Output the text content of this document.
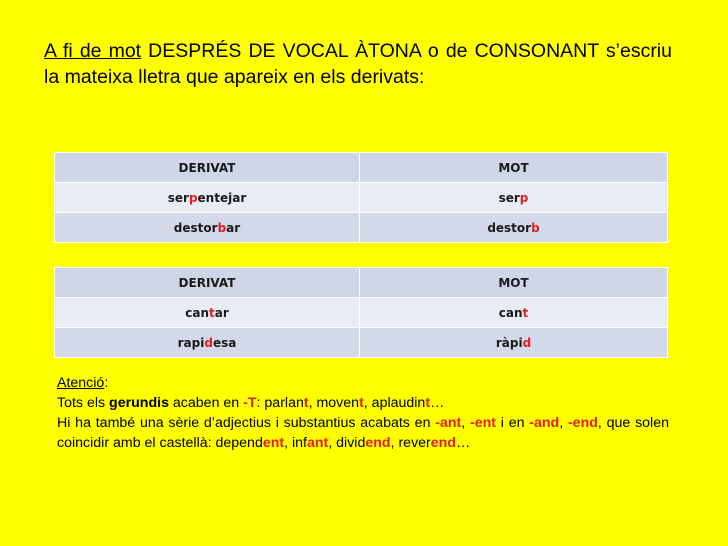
A fi de mot DESPRÉS DE VOCAL ÀTONA o de CONSONANT s’escriu la mateixa lletra que apareix en els derivats:
DERIVAT	MOT
serpentejar	serp
destorbar	destorb
DERIVAT	MOT
cantar	cant
rapidesa	ràpid
Atenció:
Tots els gerundis acaben en -T: parlant, movent, aplaudint…
Hi ha també una sèrie d’adjectius i substantius acabats en -ant, -ent i en -and, -end, que solen coincidir amb el castellà: dependent, infant, dividend, reverend…
